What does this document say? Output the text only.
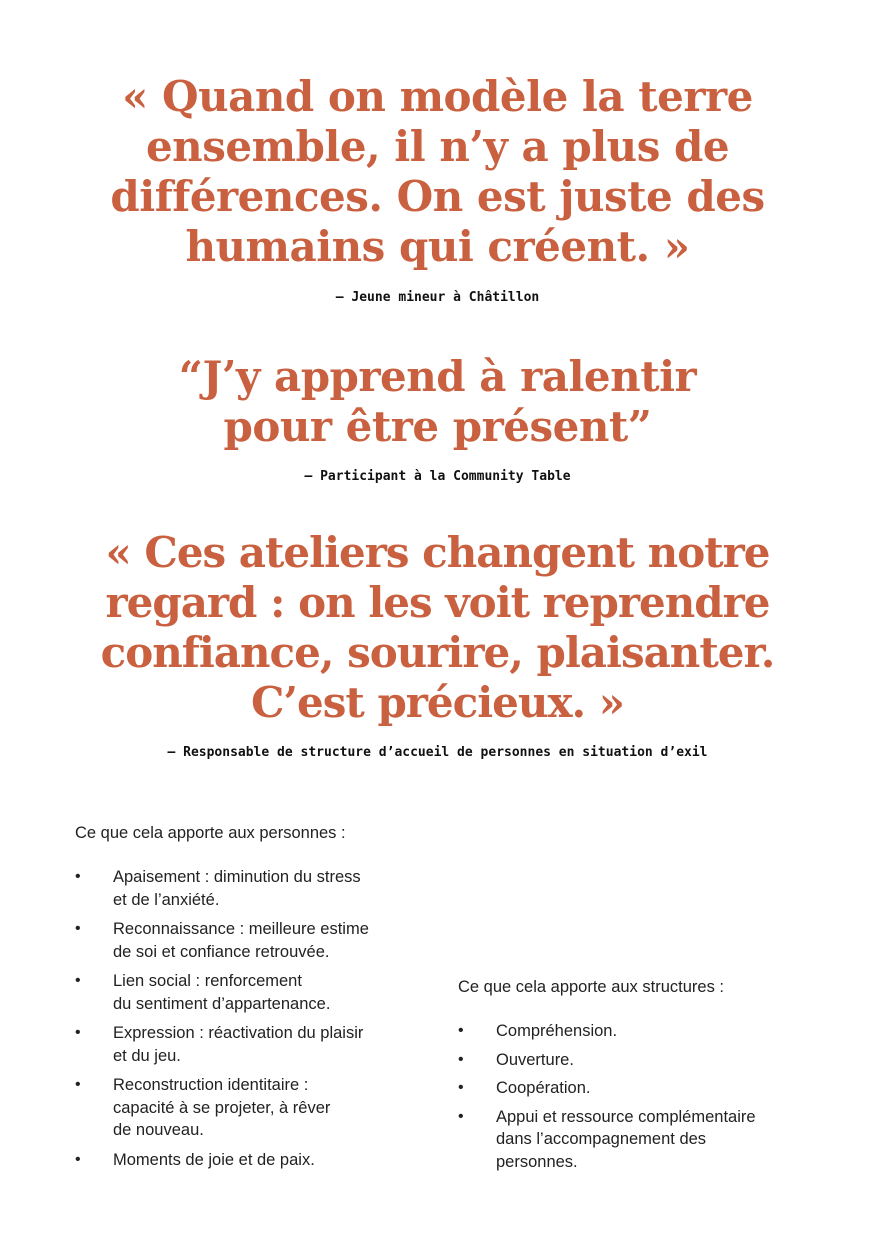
« Quand on modèle la terre
ensemble, il n’y a plus de
différences. On est juste des
humains qui créent. »

— Jeune mineur à Châtillon

“J’y apprend à ralentir
pour être présent”

— Participant à la Community Table

« Ces ateliers changent notre
regard : on les voit reprendre
confiance, sourire, plaisanter.
C’est précieux. »

— Responsable de structure d’accueil de personnes en situation d’exil

Ce que cela apporte aux personnes :

• Apaisement : diminution du stress
et de l’anxiété.
• Reconnaissance : meilleure estime
de soi et confiance retrouvée.
• Lien social : renforcement
du sentiment d’appartenance.
• Expression : réactivation du plaisir
et du jeu.
• Reconstruction identitaire :
capacité à se projeter, à rêver
de nouveau.
• Moments de joie et de paix.

Ce que cela apporte aux structures :

• Compréhension.
• Ouverture.
• Coopération.
• Appui et ressource complémentaire
dans l’accompagnement des
personnes.
